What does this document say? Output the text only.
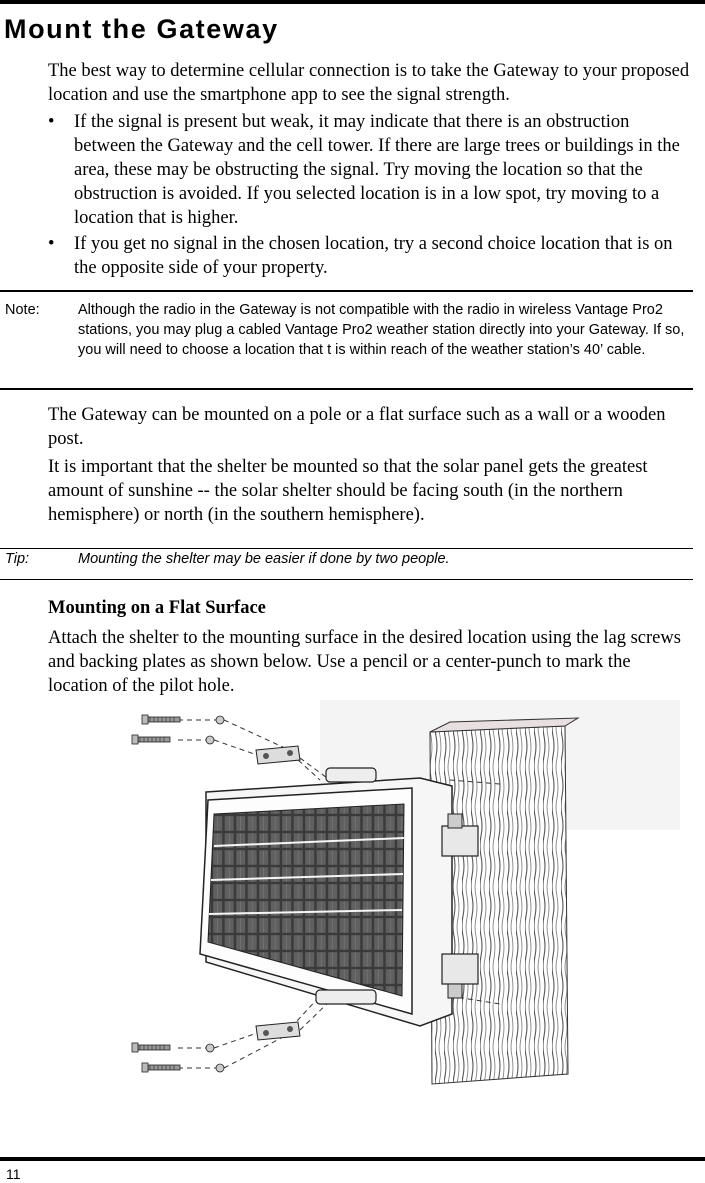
Mount the Gateway

The best way to determine cellular connection is to take the Gateway to your proposed location and use the smartphone app to see the signal strength.

• If the signal is present but weak, it may indicate that there is an obstruction between the Gateway and the cell tower. If there are large trees or buildings in the area, these may be obstructing the signal. Try moving the location so that the obstruction is avoided. If you selected location is in a low spot, try moving to a location that is higher.
• If you get no signal in the chosen location, try a second choice location that is on the opposite side of your property.
Note:	Although the radio in the Gateway is not compatible with the radio in wireless Vantage Pro2 stations, you may plug a cabled Vantage Pro2 weather station directly into your Gateway. If so, you will need to choose a location that t is within reach of the weather station’s 40’ cable.

The Gateway can be mounted on a pole or a flat surface such as a wall or a wooden post.

It is important that the shelter be mounted so that the solar panel gets the greatest amount of sunshine -- the solar shelter should be facing south (in the northern hemisphere) or north (in the southern hemisphere).

Tip:	Mounting the shelter may be easier if done by two people.
Mounting on a Flat Surface

Attach the shelter to the mounting surface in the desired location using the lag screws and backing plates as shown below. Use a pencil or a center-punch to mark the location of the pilot hole.

11
